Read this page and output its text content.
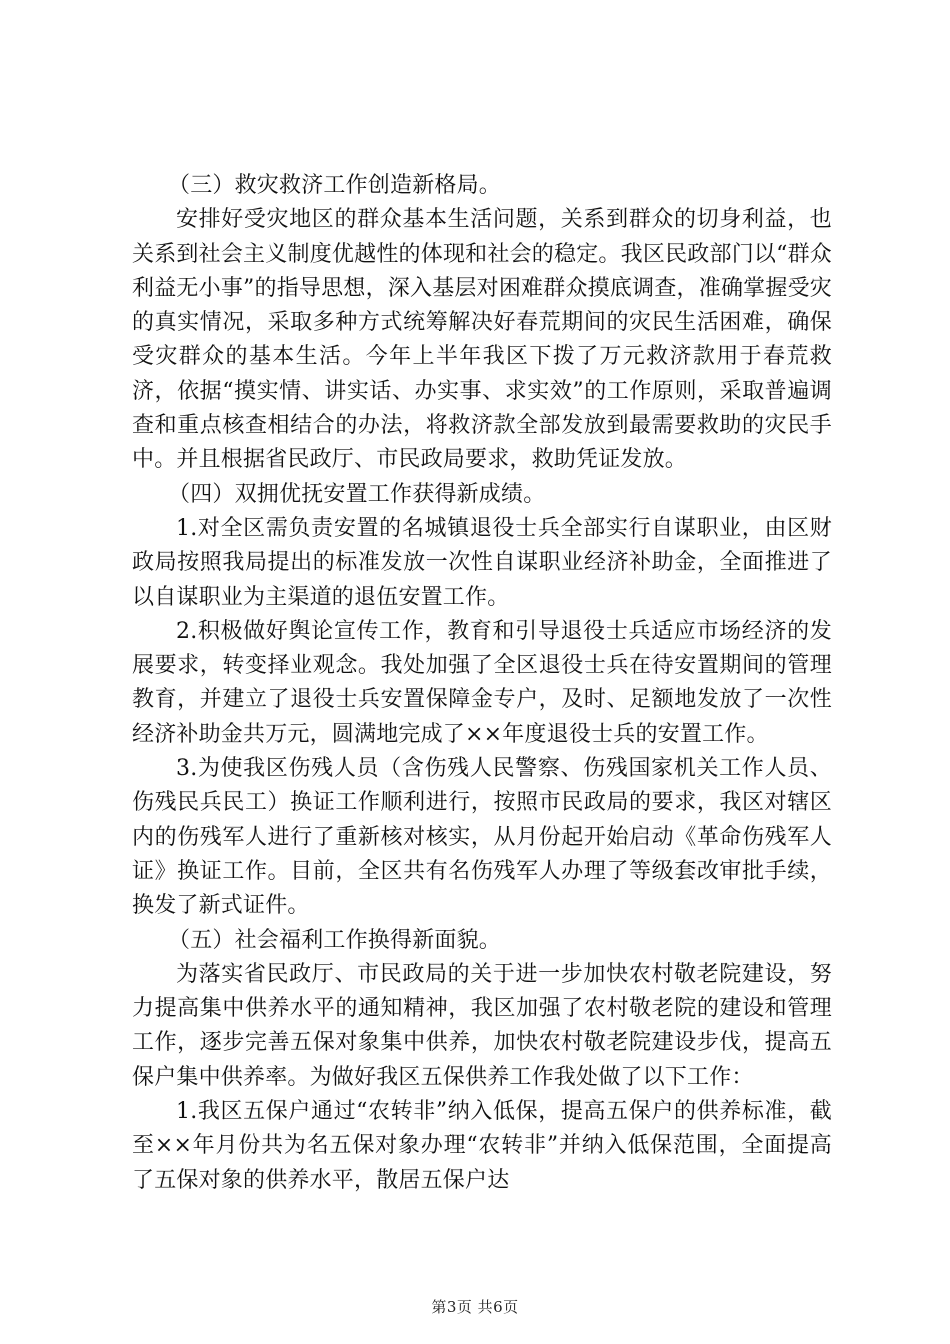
（三）救灾救济工作创造新格局。

安排好受灾地区的群众基本生活问题，关系到群众的切身利益，也关系到社会主义制度优越性的体现和社会的稳定。我区民政部门以“群众利益无小事”的指导思想，深入基层对困难群众摸底调查，准确掌握受灾的真实情况，采取多种方式统筹解决好春荒期间的灾民生活困难，确保受灾群众的基本生活。今年上半年我区下拨了万元救济款用于春荒救济，依据“摸实情、讲实话、办实事、求实效”的工作原则，采取普遍调查和重点核查相结合的办法，将救济款全部发放到最需要救助的灾民手中。并且根据省民政厅、市民政局要求，救助凭证发放。

（四）双拥优抚安置工作获得新成绩。

1.对全区需负责安置的名城镇退役士兵全部实行自谋职业，由区财政局按照我局提出的标准发放一次性自谋职业经济补助金，全面推进了以自谋职业为主渠道的退伍安置工作。

2.积极做好舆论宣传工作，教育和引导退役士兵适应市场经济的发展要求，转变择业观念。我处加强了全区退役士兵在待安置期间的管理教育，并建立了退役士兵安置保障金专户，及时、足额地发放了一次性经济补助金共万元，圆满地完成了××年度退役士兵的安置工作。

3.为使我区伤残人员（含伤残人民警察、伤残国家机关工作人员、伤残民兵民工）换证工作顺利进行，按照市民政局的要求，我区对辖区内的伤残军人进行了重新核对核实，从月份起开始启动《革命伤残军人证》换证工作。目前，全区共有名伤残军人办理了等级套改审批手续，换发了新式证件。

（五）社会福利工作换得新面貌。

为落实省民政厅、市民政局的关于进一步加快农村敬老院建设，努力提高集中供养水平的通知精神，我区加强了农村敬老院的建设和管理工作，逐步完善五保对象集中供养，加快农村敬老院建设步伐，提高五保户集中供养率。为做好我区五保供养工作我处做了以下工作：

1.我区五保户通过“农转非”纳入低保，提高五保户的供养标准，截至××年月份共为名五保对象办理“农转非”并纳入低保范围，全面提高了五保对象的供养水平，散居五保户达

第3页 共6页
